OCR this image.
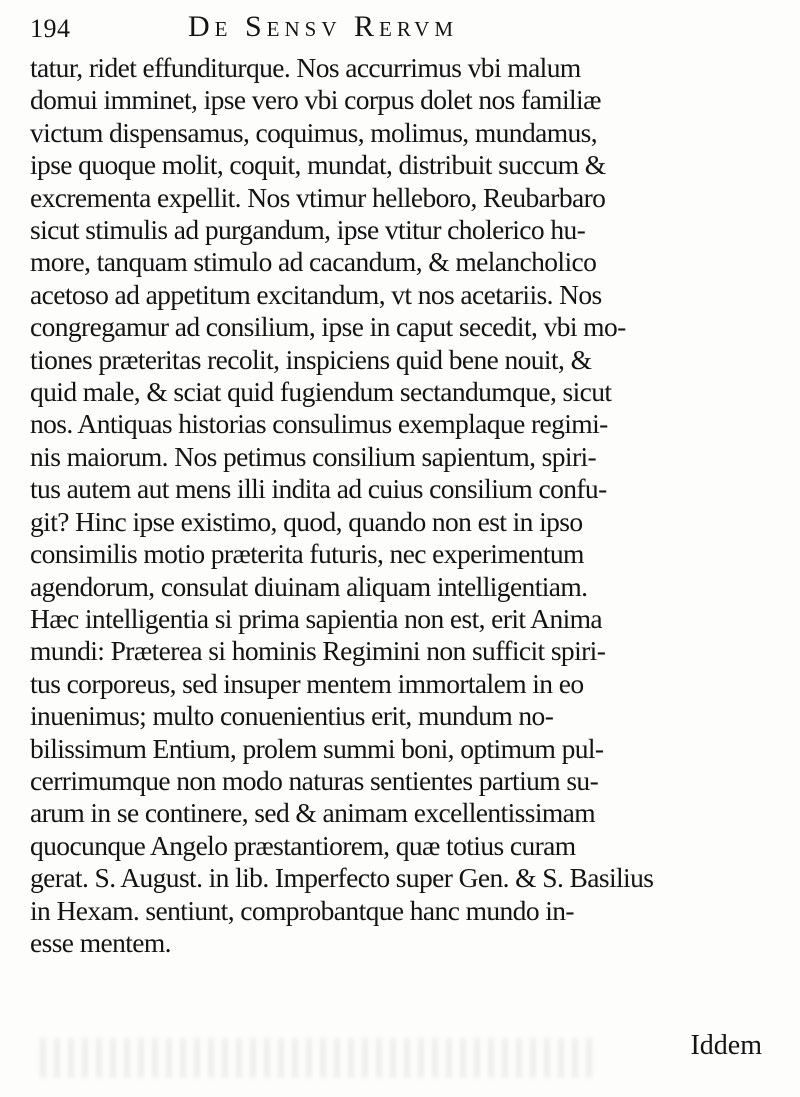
194	De Sensv Rervm
tatur, ridet effunditurque. Nos accurrimus vbi malum
domui imminet, ipse vero vbi corpus dolet nos familiæ
victum dispensamus, coquimus, molimus, mundamus,
ipse quoque molit, coquit, mundat, distribuit succum &
excrementa expellit. Nos vtimur helleboro, Reubarbaro
sicut stimulis ad purgandum, ipse vtitur cholerico hu-
more, tanquam stimulo ad cacandum, & melancholico
acetoso ad appetitum excitandum, vt nos acetariis. Nos
congregamur ad consilium, ipse in caput secedit, vbi mo-
tiones præteritas recolit, inspiciens quid bene nouit, &
quid male, & sciat quid fugiendum sectandumque, sicut
nos. Antiquas historias consulimus exemplaque regimi-
nis maiorum. Nos petimus consilium sapientum, spiri-
tus autem aut mens illi indita ad cuius consilium confu-
git? Hinc ipse existimo, quod, quando non est in ipso
consimilis motio præterita futuris, nec experimentum
agendorum, consulat diuinam aliquam intelligentiam.
Hæc intelligentia si prima sapientia non est, erit Anima
mundi: Præterea si hominis Regimini non sufficit spiri-
tus corporeus, sed insuper mentem immortalem in eo
inuenimus; multo conuenientius erit, mundum no-
bilissimum Entium, prolem summi boni, optimum pul-
cerrimumque non modo naturas sentientes partium su-
arum in se continere, sed & animam excellentissimam
quocunque Angelo præstantiorem, quæ totius curam
gerat. S. August. in lib. Imperfecto super Gen. & S. Basilius
in Hexam. sentiunt, comprobantque hanc mundo in-
esse mentem.
Iddem
